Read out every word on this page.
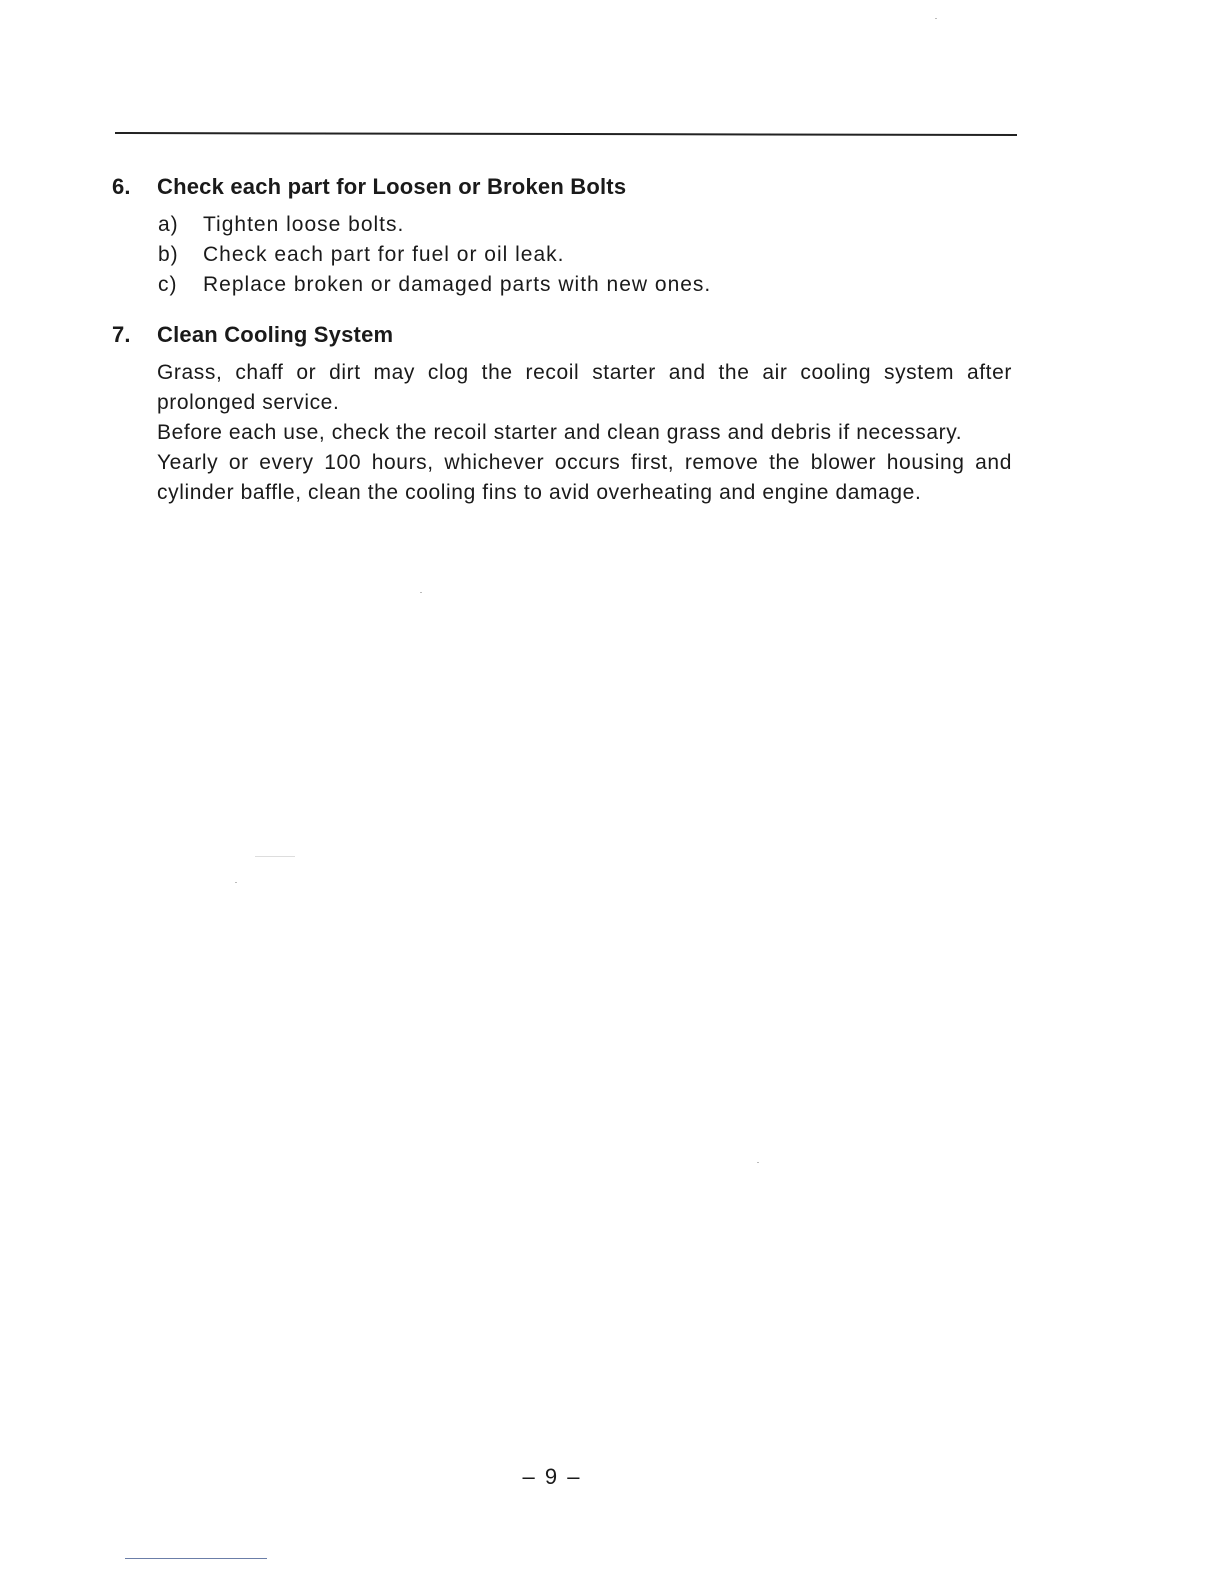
6.	Check each part for Loosen or Broken Bolts
a)	Tighten loose bolts.
b)	Check each part for fuel or oil leak.
c)	Replace broken or damaged parts with new ones.
7.	Clean Cooling System

Grass, chaff or dirt may clog the recoil starter and the air cooling system after prolonged service.

Before each use, check the recoil starter and clean grass and debris if necessary.

Yearly or every 100 hours, whichever occurs first, remove the blower housing and cylinder baffle, clean the cooling fins to avid overheating and engine damage.

– 9 –
